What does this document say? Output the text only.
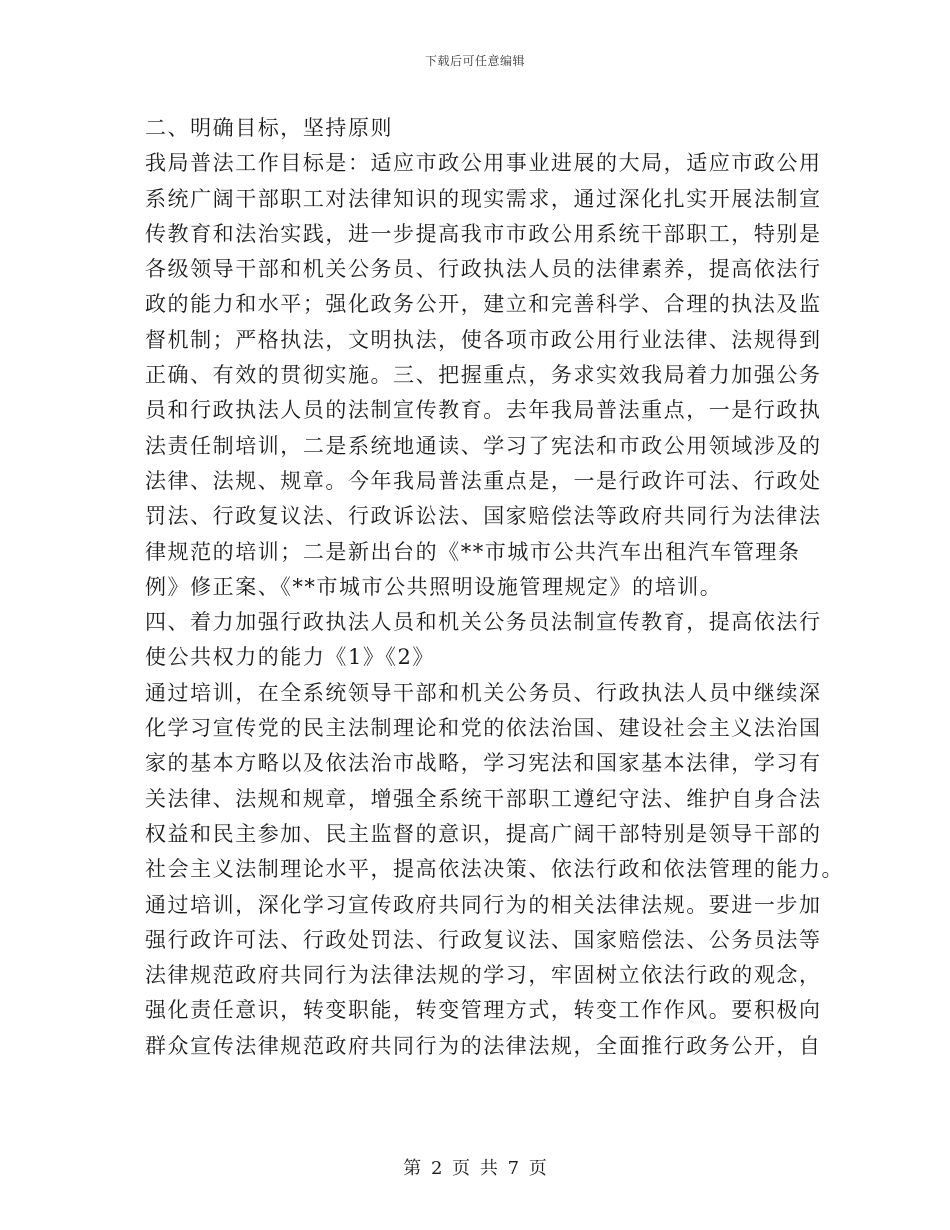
下载后可任意编辑
二、明确目标，坚持原则
我局普法工作目标是：适应市政公用事业进展的大局，适应市政公用
系统广阔干部职工对法律知识的现实需求，通过深化扎实开展法制宣
传教育和法治实践，进一步提高我市市政公用系统干部职工，特别是
各级领导干部和机关公务员、行政执法人员的法律素养，提高依法行
政的能力和水平；强化政务公开，建立和完善科学、合理的执法及监
督机制；严格执法，文明执法，使各项市政公用行业法律、法规得到
正确、有效的贯彻实施。三、把握重点，务求实效我局着力加强公务
员和行政执法人员的法制宣传教育。去年我局普法重点，一是行政执
法责任制培训，二是系统地通读、学习了宪法和市政公用领域涉及的
法律、法规、规章。今年我局普法重点是，一是行政许可法、行政处
罚法、行政复议法、行政诉讼法、国家赔偿法等政府共同行为法律法
律规范的培训；二是新出台的《**市城市公共汽车出租汽车管理条
例》修正案、《**市城市公共照明设施管理规定》的培训。
四、着力加强行政执法人员和机关公务员法制宣传教育，提高依法行
使公共权力的能力《1》《2》
通过培训，在全系统领导干部和机关公务员、行政执法人员中继续深
化学习宣传党的民主法制理论和党的依法治国、建设社会主义法治国
家的基本方略以及依法治市战略，学习宪法和国家基本法律，学习有
关法律、法规和规章，增强全系统干部职工遵纪守法、维护自身合法
权益和民主参加、民主监督的意识，提高广阔干部特别是领导干部的
社会主义法制理论水平，提高依法决策、依法行政和依法管理的能力。
通过培训，深化学习宣传政府共同行为的相关法律法规。要进一步加
强行政许可法、行政处罚法、行政复议法、国家赔偿法、公务员法等
法律规范政府共同行为法律法规的学习，牢固树立依法行政的观念，
强化责任意识，转变职能，转变管理方式，转变工作作风。要积极向
群众宣传法律规范政府共同行为的法律法规，全面推行政务公开，自
第 2 页 共 7 页
